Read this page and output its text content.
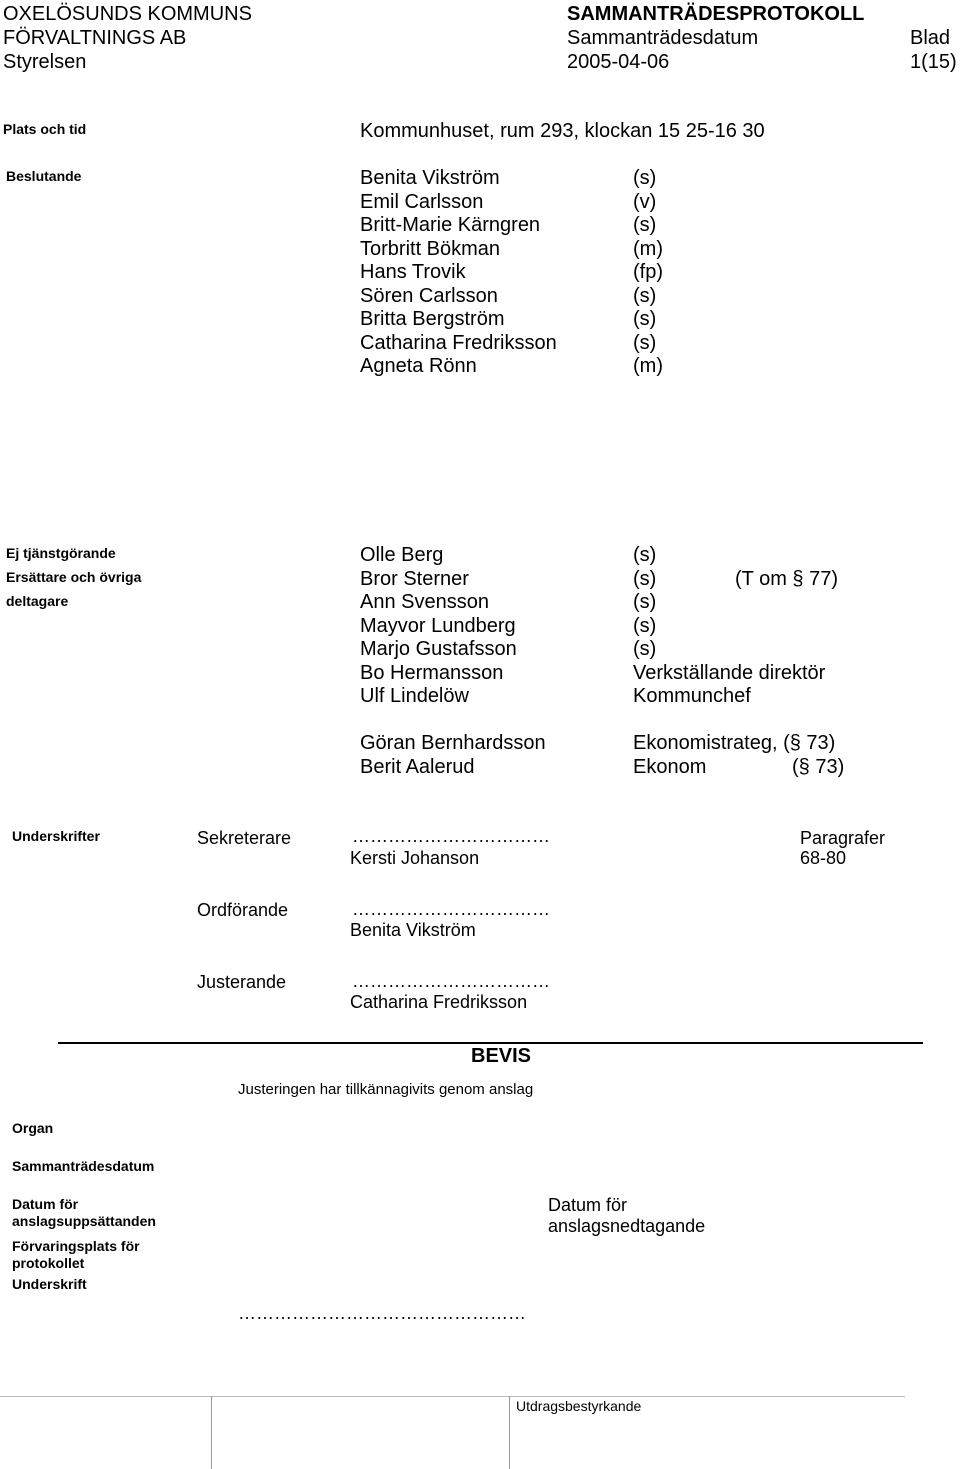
OXELÖSUNDS KOMMUNS
FÖRVALTNINGS AB
Styrelsen
SAMMANTRÄDESPROTOKOLL
Sammanträdesdatum
2005-04-06
Blad
1(15)
Plats och tid	Kommunhuset, rum 293, klockan 15 25-16 30
Beslutande	Benita Vikström	(s)
Emil Carlsson	(v)
Britt-Marie Kärngren	(s)
Torbritt Bökman	(m)
Hans Trovik	(fp)
Sören Carlsson	(s)
Britta Bergström	(s)
Catharina Fredriksson	(s)
Agneta Rönn	(m)
Ej tjänstgörande
Ersättare och övriga
deltagare
Olle Berg	(s)
Bror Sterner	(s)	(T om § 77)
Ann Svensson	(s)
Mayvor Lundberg	(s)
Marjo Gustafsson	(s)
Bo Hermansson	Verkställande direktör
Ulf Lindelöw	Kommunchef
Göran Bernhardsson	Ekonomistrateg, (§ 73)
Berit Aalerud	Ekonom	(§ 73)
Underskrifter	Sekreterare	……………………………
Kersti Johanson
Paragrafer
68-80
Ordförande	……………………………
Benita Vikström
Justerande	……………………………
Catharina Fredriksson
BEVIS
Justeringen har tillkännagivits genom anslag
Organ
Sammanträdesdatum
Datum för
anslagsuppsättanden
Datum för
anslagsnedtagande
Förvaringsplats för
protokollet
Underskrift
…………………………………………
Utdragsbestyrkande
